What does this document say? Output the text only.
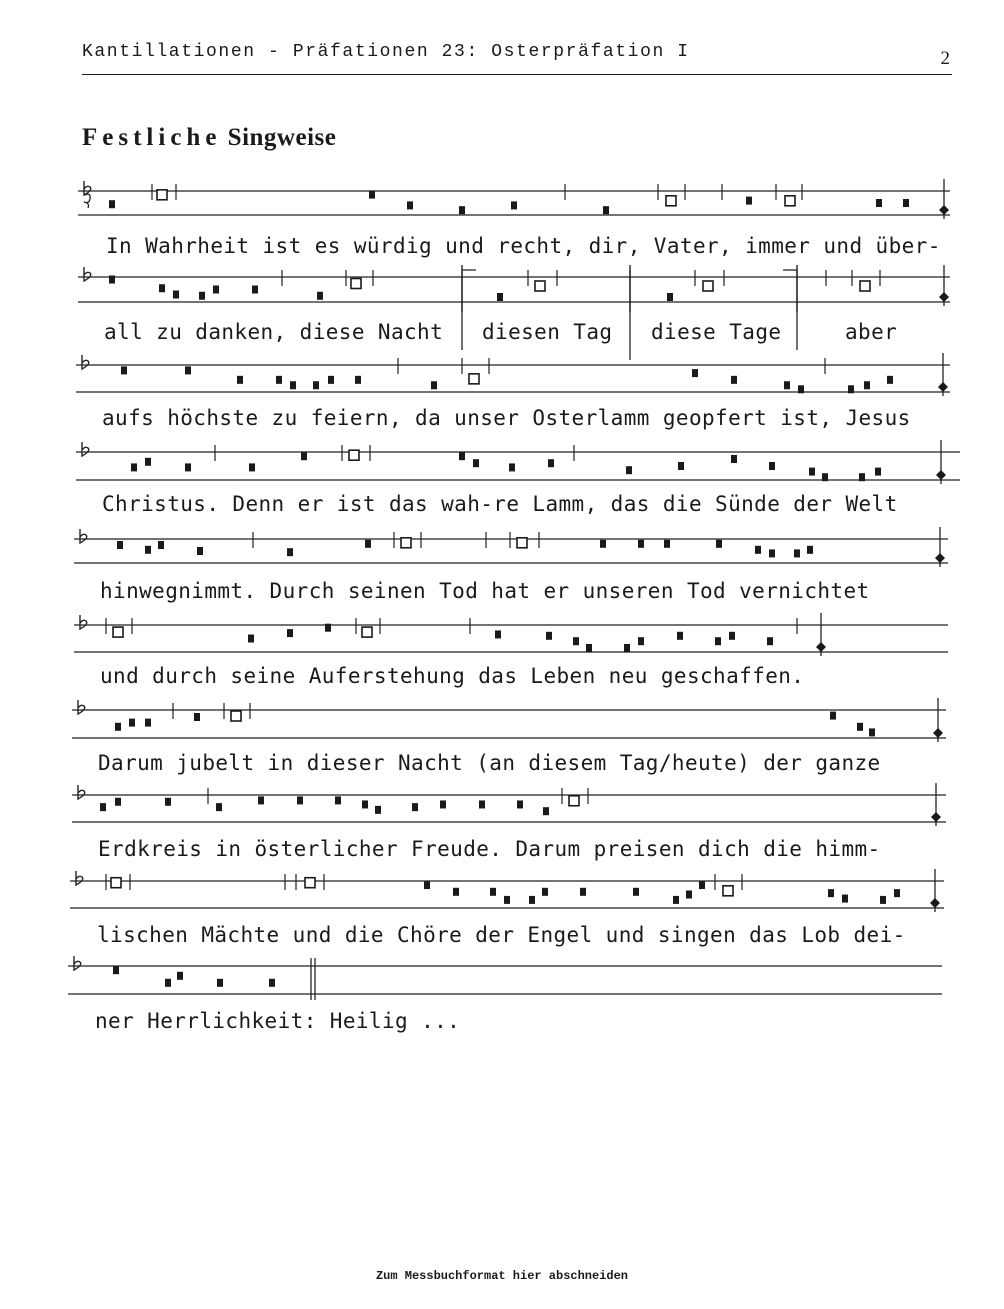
Kantillationen - Präfationen 23: Osterpräfation I	2
Festliche Singweise
In Wahrheit ist es würdig und recht, dir, Vater, immer und über-
all zu danken, diese Nacht diesen Tag diese Tage	aber
aufs höchste zu feiern, da unser Osterlamm geopfert ist, Jesus
Christus. Denn er ist das wah-re Lamm, das die Sünde der Welt
hinwegnimmt. Durch seinen Tod hat er unseren Tod vernichtet
und durch seine Auferstehung das Leben neu geschaffen.
Darum jubelt in dieser Nacht (an diesem Tag/heute) der ganze
Erdkreis in österlicher Freude. Darum preisen dich die himm-
lischen Mächte und die Chöre der Engel und singen das Lob dei-
ner Herrlichkeit: Heilig ...
Zum Messbuchformat hier abschneiden
